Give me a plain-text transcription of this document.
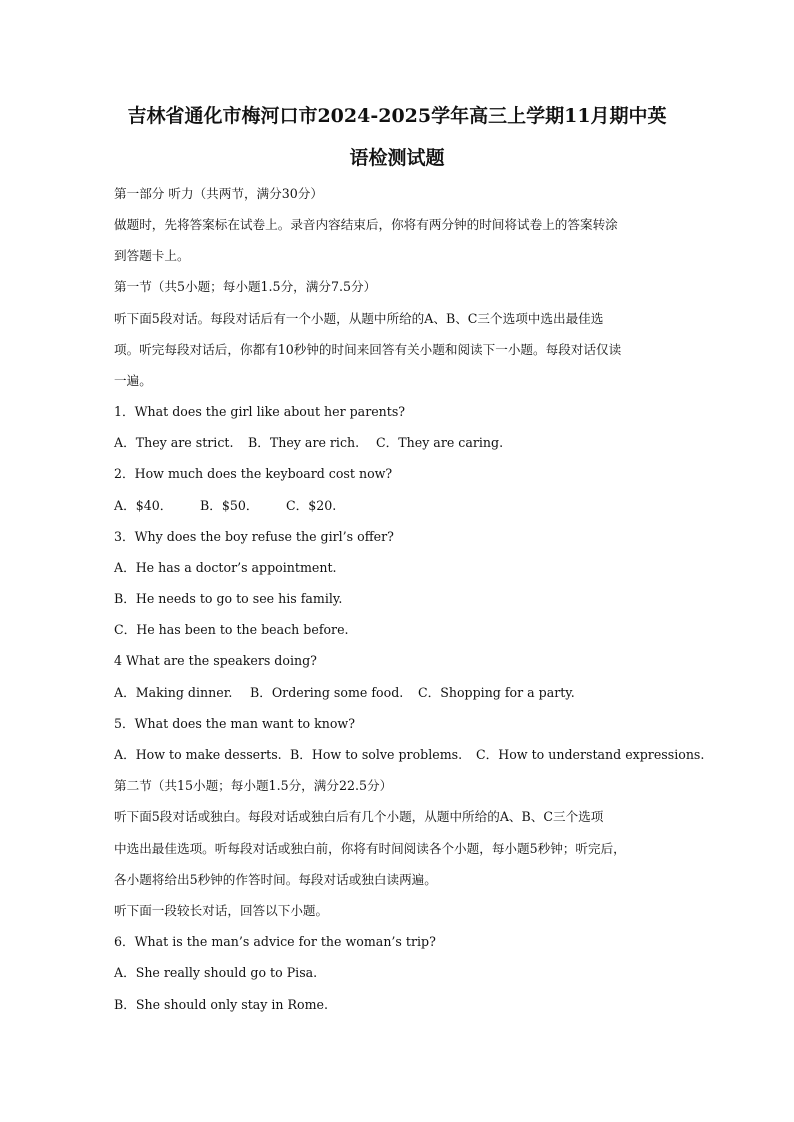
吉林省通化市梅河口市2024-2025学年高三上学期11月期中英
语检测试题
第一部分 听力（共两节，满分30分）
做题时，先将答案标在试卷上。录音内容结束后，你将有两分钟的时间将试卷上的答案转涂
到答题卡上。
第一节（共5小题；每小题1.5分，满分7.5分）
听下面5段对话。每段对话后有一个小题，从题中所给的A、B、C三个选项中选出最佳选
项。听完每段对话后，你都有10秒钟的时间来回答有关小题和阅读下一小题。每段对话仅读
一遍。
1．What does the girl like about her parents?
A．They are strict. B．They are rich. C．They are caring.
2．How much does the keyboard cost now?
A．$40． B．$50． C．$20.
3．Why does the boy refuse the girl’s offer?
A．He has a doctor’s appointment.
B．He needs to go to see his family.
C．He has been to the beach before.
4 What are the speakers doing?
A．Making dinner. B．Ordering some food. C．Shopping for a party.
5．What does the man want to know?
A．How to make desserts. B．How to solve problems. C．How to understand expressions.
第二节（共15小题；每小题1.5分，满分22.5分）
听下面5段对话或独白。每段对话或独白后有几个小题，从题中所给的A、B、C三个选项
中选出最佳选项。听每段对话或独白前，你将有时间阅读各个小题，每小题5秒钟；听完后，
各小题将给出5秒钟的作答时间。每段对话或独白读两遍。
听下面一段较长对话，回答以下小题。
6．What is the man’s advice for the woman’s trip?
A．She really should go to Pisa.
B．She should only stay in Rome.
